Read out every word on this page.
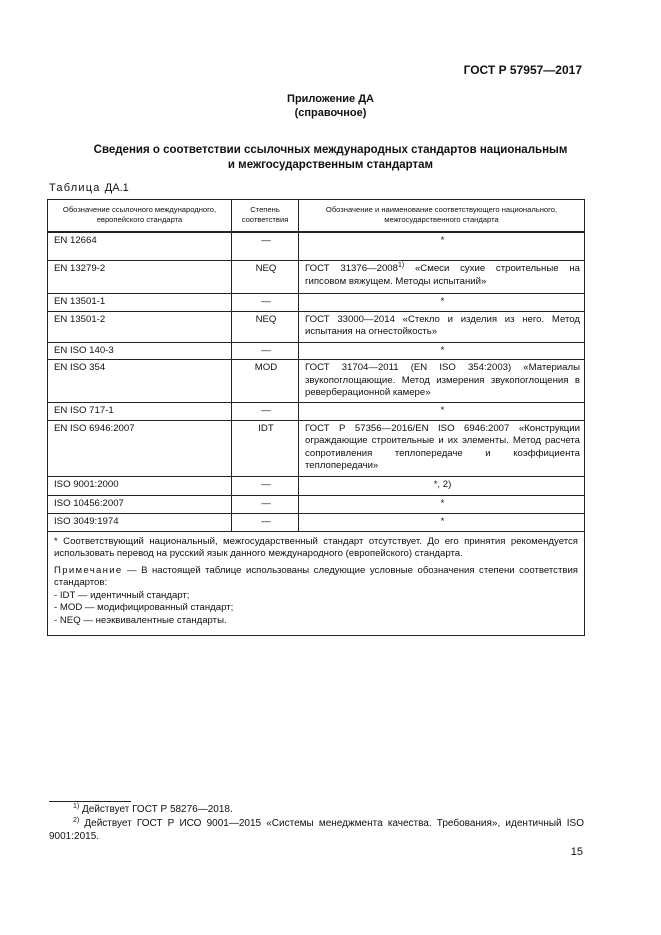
ГОСТ Р 57957—2017
Приложение ДА
(справочное)
Сведения о соответствии ссылочных международных стандартов национальным
и межгосударственным стандартам
Таблица ДА.1
Обозначение ссылочного международного, европейского стандарта	Степень соответствия	Обозначение и наименование соответствующего национального, межгосударственного стандарта
EN 12664	—	*
EN 13279-2	NEQ	ГОСТ 31376—2008$^{1)}$ «Смеси сухие строительные на гипсовом вяжущем. Методы испытаний»
EN 13501-1	—	*
EN 13501-2	NEQ	ГОСТ 33000—2014 «Стекло и изделия из него. Метод испытания на огнестойкость»
EN ISO 140-3	—	*
EN ISO 354	MOD	ГОСТ 31704—2011 (EN ISO 354:2003) «Материалы звукопоглощающие. Метод измерения звукопоглощения в реверберационной камере»
EN ISO 717-1	—	*
EN ISO 6946:2007	IDT	ГОСТ Р 57356—2016/EN ISO 6946:2007 «Конструкции ограждающие строительные и их элементы. Метод расчета сопротивления теплопередаче и коэффициента теплопередачи»
ISO 9001:2000	—	*, 2)
ISO 10456:2007	—	*
ISO 3049:1974	—	*

* Соответствующий национальный, межгосударственный стандарт отсутствует. До его принятия рекомендуется использовать перевод на русский язык данного международного (европейского) стандарта.

Примечание — В настоящей таблице использованы следующие условные обозначения степени соответствия стандартов:

- IDT — идентичный стандарт;

- MOD — модифицированный стандарт;

- NEQ — неэквивалентные стандарты.		

$^{1)}$ Действует ГОСТ Р 58276—2018.
$^{2)}$ Действует ГОСТ Р ИСО 9001—2015 «Системы менеджмента качества. Требования», идентичный ISO 9001:2015.
15
